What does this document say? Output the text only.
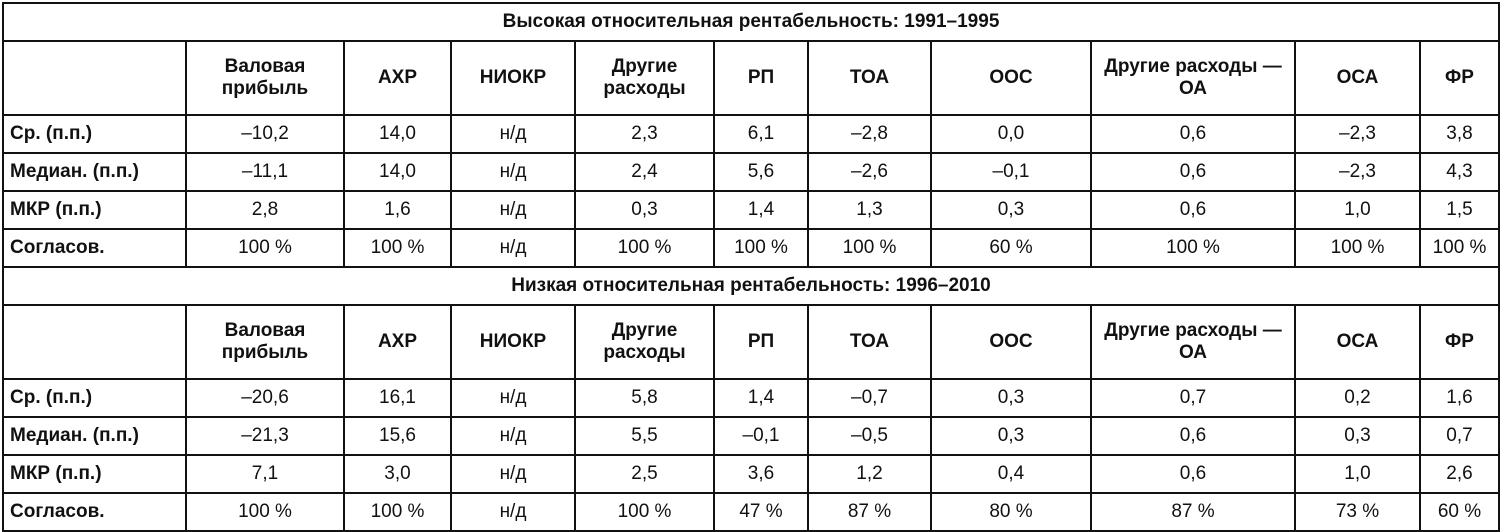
Высокая относительная рентабельность: 1991–1995										
	Валовая прибыль	АХР	НИОКР	Другие расходы	РП	ТОА	ООС	Другие расходы — ОА	ОСА	ФР
Ср. (п.п.)	–10,2	14,0	н/д	2,3	6,1	–2,8	0,0	0,6	–2,3	3,8
Медиан. (п.п.)	–11,1	14,0	н/д	2,4	5,6	–2,6	–0,1	0,6	–2,3	4,3
МКР (п.п.)	2,8	1,6	н/д	0,3	1,4	1,3	0,3	0,6	1,0	1,5
Согласов.	100 %	100 %	н/д	100 %	100 %	100 %	60 %	100 %	100 %	100 %
Низкая относительная рентабельность: 1996–2010										
	Валовая прибыль	АХР	НИОКР	Другие расходы	РП	ТОА	ООС	Другие расходы — ОА	ОСА	ФР
Ср. (п.п.)	–20,6	16,1	н/д	5,8	1,4	–0,7	0,3	0,7	0,2	1,6
Медиан. (п.п.)	–21,3	15,6	н/д	5,5	–0,1	–0,5	0,3	0,6	0,3	0,7
МКР (п.п.)	7,1	3,0	н/д	2,5	3,6	1,2	0,4	0,6	1,0	2,6
Согласов.	100 %	100 %	н/д	100 %	47 %	87 %	80 %	87 %	73 %	60 %
